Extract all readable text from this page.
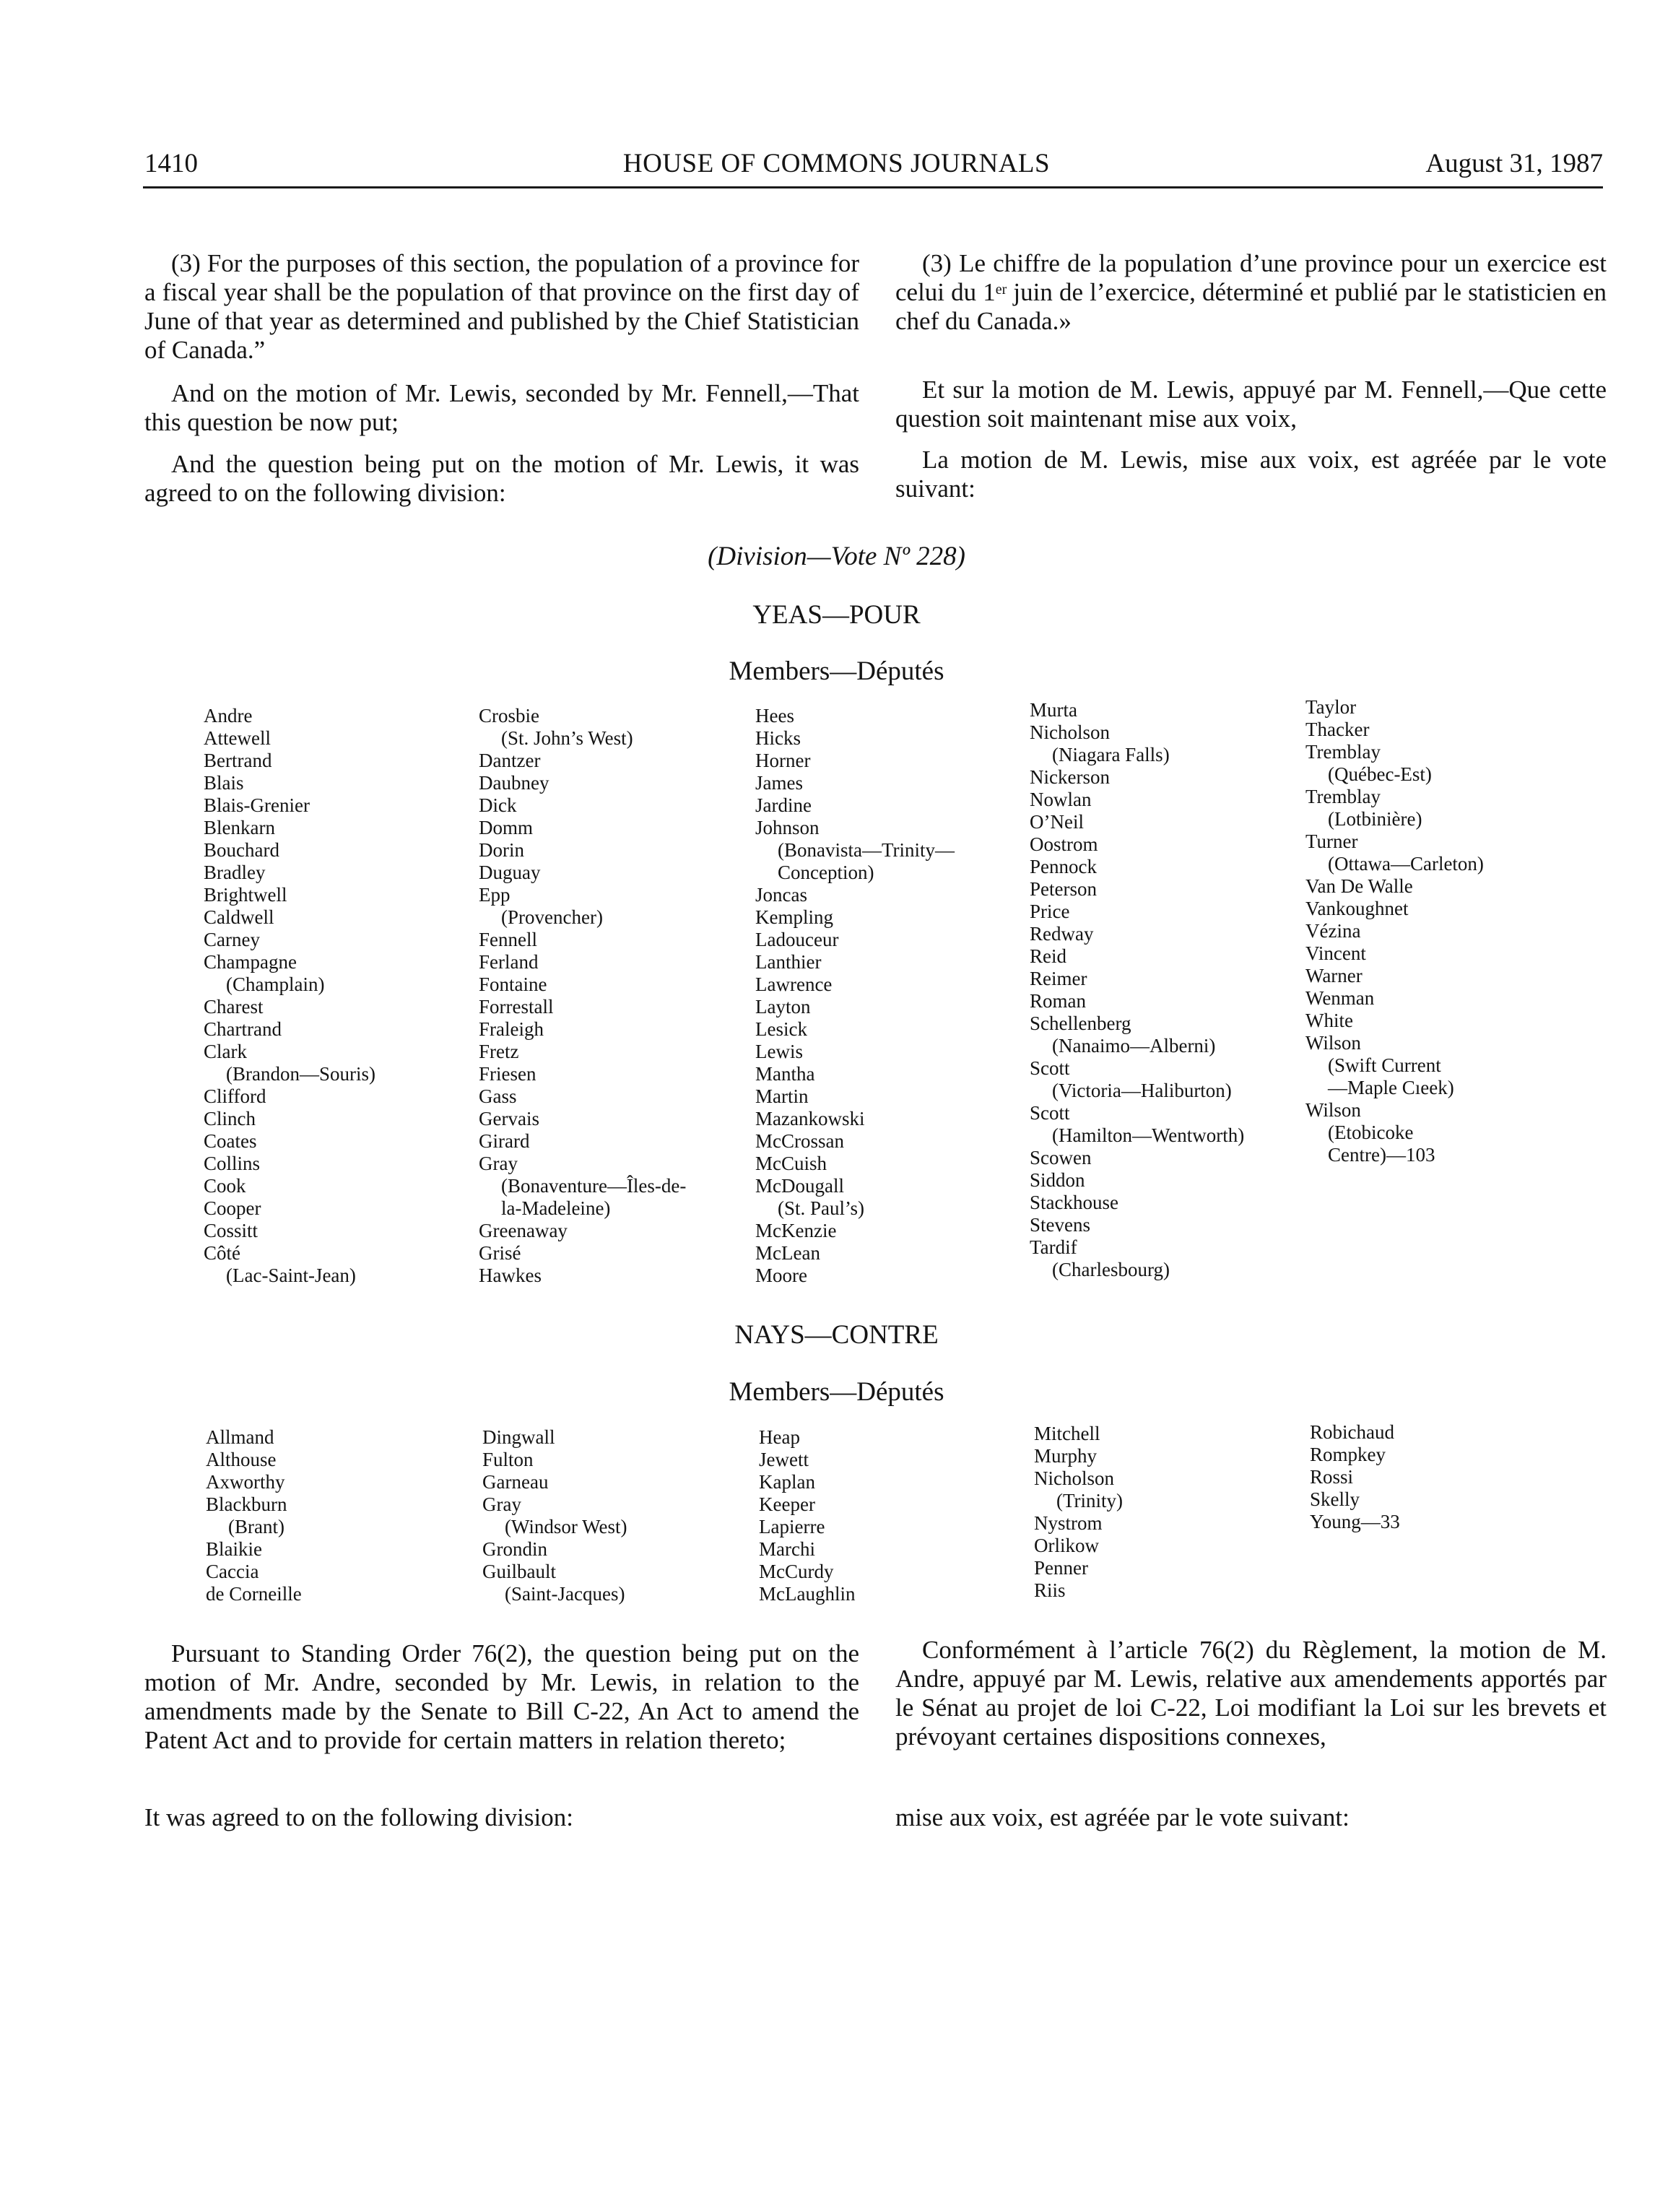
1410	HOUSE OF COMMONS JOURNALS	August 31, 1987
(3) For the purposes of this section, the population of a province for a fiscal year shall be the population of that province on the first day of June of that year as determined and published by the Chief Statistician of Canada.”
And on the motion of Mr. Lewis, seconded by Mr. Fennell,—That this question be now put;
And the question being put on the motion of Mr. Lewis, it was agreed to on the following division:
(3) Le chiffre de la population d’une province pour un exercice est celui du 1er juin de l’exercice, déterminé et publié par le statisticien en chef du Canada.»
Et sur la motion de M. Lewis, appuyé par M. Fennell,—Que cette question soit maintenant mise aux voix,
La motion de M. Lewis, mise aux voix, est agréée par le vote suivant:
(Division—Vote Nº 228)
YEAS—POUR
Members—Députés
Andre
Attewell
Bertrand
Blais
Blais-Grenier
Blenkarn
Bouchard
Bradley
Brightwell
Caldwell
Carney
Champagne
(Champlain)
Charest
Chartrand
Clark
(Brandon—Souris)
Clifford
Clinch
Coates
Collins
Cook
Cooper
Cossitt
Côté
(Lac-Saint-Jean)
Crosbie
(St. John’s West)
Dantzer
Daubney
Dick
Domm
Dorin
Duguay
Epp
(Provencher)
Fennell
Ferland
Fontaine
Forrestall
Fraleigh
Fretz
Friesen
Gass
Gervais
Girard
Gray
(Bonaventure—Îles-de-
la-Madeleine)
Greenaway
Grisé
Hawkes
Hees
Hicks
Horner
James
Jardine
Johnson
(Bonavista—Trinity—
Conception)
Joncas
Kempling
Ladouceur
Lanthier
Lawrence
Layton
Lesick
Lewis
Mantha
Martin
Mazankowski
McCrossan
McCuish
McDougall
(St. Paul’s)
McKenzie
McLean
Moore
Murta
Nicholson
(Niagara Falls)
Nickerson
Nowlan
O’Neil
Oostrom
Pennock
Peterson
Price
Redway
Reid
Reimer
Roman
Schellenberg
(Nanaimo—Alberni)
Scott
(Victoria—Haliburton)
Scott
(Hamilton—Wentworth)
Scowen
Siddon
Stackhouse
Stevens
Tardif
(Charlesbourg)
Taylor
Thacker
Tremblay
(Québec-Est)
Tremblay
(Lotbinière)
Turner
(Ottawa—Carleton)
Van De Walle
Vankoughnet
Vézina
Vincent
Warner
Wenman
White
Wilson
(Swift Current
—Maple Cıeek)
Wilson
(Etobicoke
Centre)—103
NAYS—CONTRE
Members—Députés
Allmand
Althouse
Axworthy
Blackburn
(Brant)
Blaikie
Caccia
de Corneille
Dingwall
Fulton
Garneau
Gray
(Windsor West)
Grondin
Guilbault
(Saint-Jacques)
Heap
Jewett
Kaplan
Keeper
Lapierre
Marchi
McCurdy
McLaughlin
Mitchell
Murphy
Nicholson
(Trinity)
Nystrom
Orlikow
Penner
Riis
Robichaud
Rompkey
Rossi
Skelly
Young—33
Pursuant to Standing Order 76(2), the question being put on the motion of Mr. Andre, seconded by Mr. Lewis, in relation to the amendments made by the Senate to Bill C-22, An Act to amend the Patent Act and to provide for certain matters in relation thereto;
It was agreed to on the following division:
Conformément à l’article 76(2) du Règlement, la motion de M. Andre, appuyé par M. Lewis, relative aux amendements apportés par le Sénat au projet de loi C-22, Loi modifiant la Loi sur les brevets et prévoyant certaines dispositions connexes,
mise aux voix, est agréée par le vote suivant:
